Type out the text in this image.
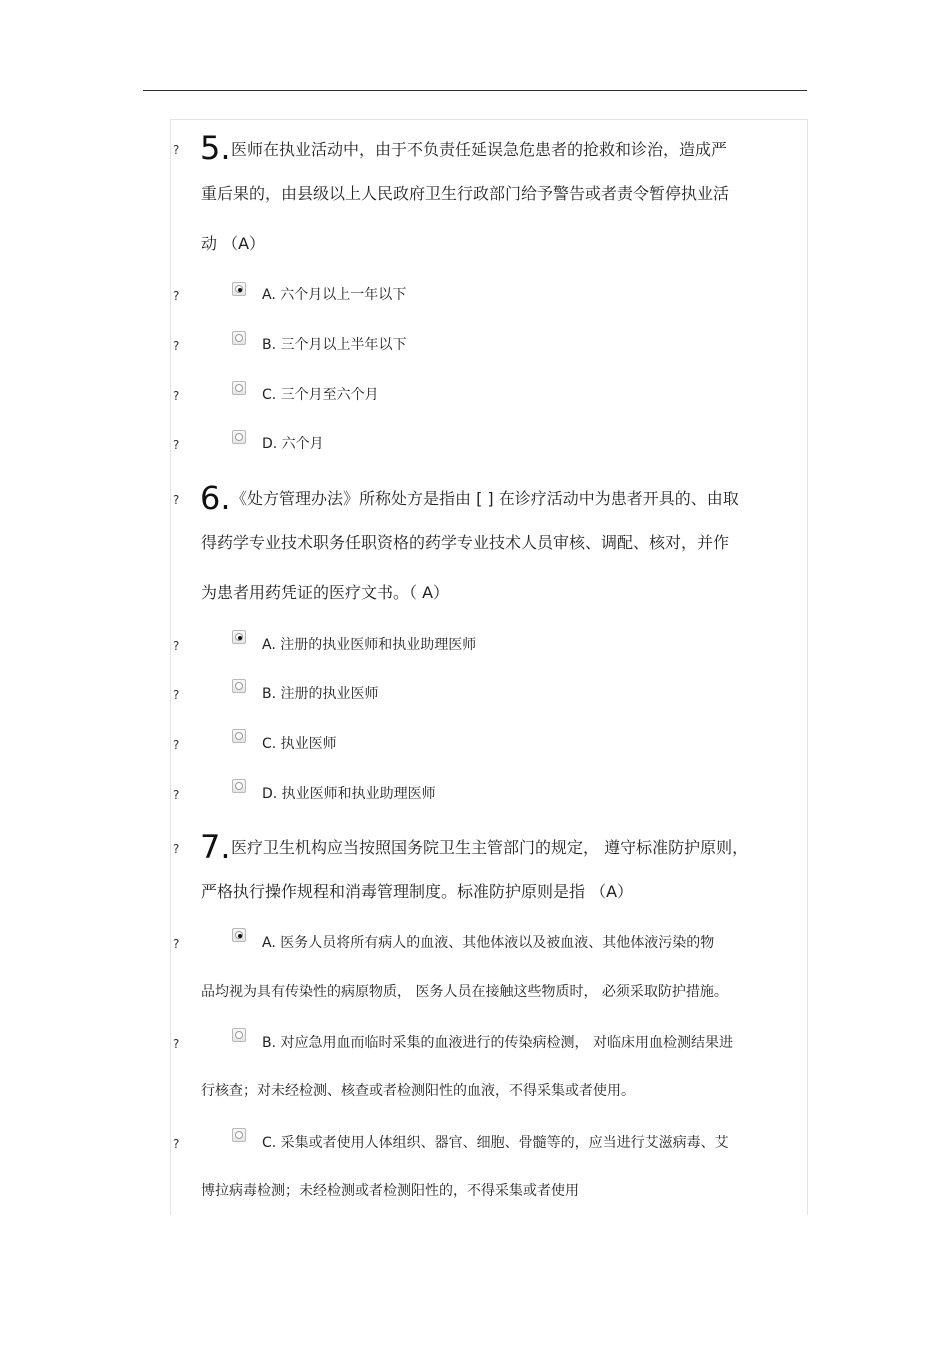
? 5. 医师在执业活动中，由于不负责任延误急危患者的抢救和诊治，造成严
重后果的，由县级以上人民政府卫生行政部门给予警告或者责令暂停执业活
动 （A）
?	A. 六个月以上一年以下
?	B. 三个月以上半年以下
?	C. 三个月至六个月
?	D. 六个月
? 6. 《处方管理办法》所称处方是指由 [ ] 在诊疗活动中为患者开具的、由取
得药学专业技术职务任职资格的药学专业技术人员审核、调配、核对，并作
为患者用药凭证的医疗文书。（ A）
?	A. 注册的执业医师和执业助理医师
?	B. 注册的执业医师
?	C. 执业医师
?	D. 执业医师和执业助理医师
? 7. 医疗卫生机构应当按照国务院卫生主管部门的规定， 遵守标准防护原则，
严格执行操作规程和消毒管理制度。标准防护原则是指 （A）
?	A. 医务人员将所有病人的血液、其他体液以及被血液、其他体液污染的物
品均视为具有传染性的病原物质， 医务人员在接触这些物质时， 必须采取防护措施。
?	B. 对应急用血而临时采集的血液进行的传染病检测， 对临床用血检测结果进
行核查；对未经检测、核查或者检测阳性的血液，不得采集或者使用。
?	C. 采集或者使用人体组织、器官、细胞、骨髓等的，应当进行艾滋病毒、艾
博拉病毒检测；未经检测或者检测阳性的，不得采集或者使用
